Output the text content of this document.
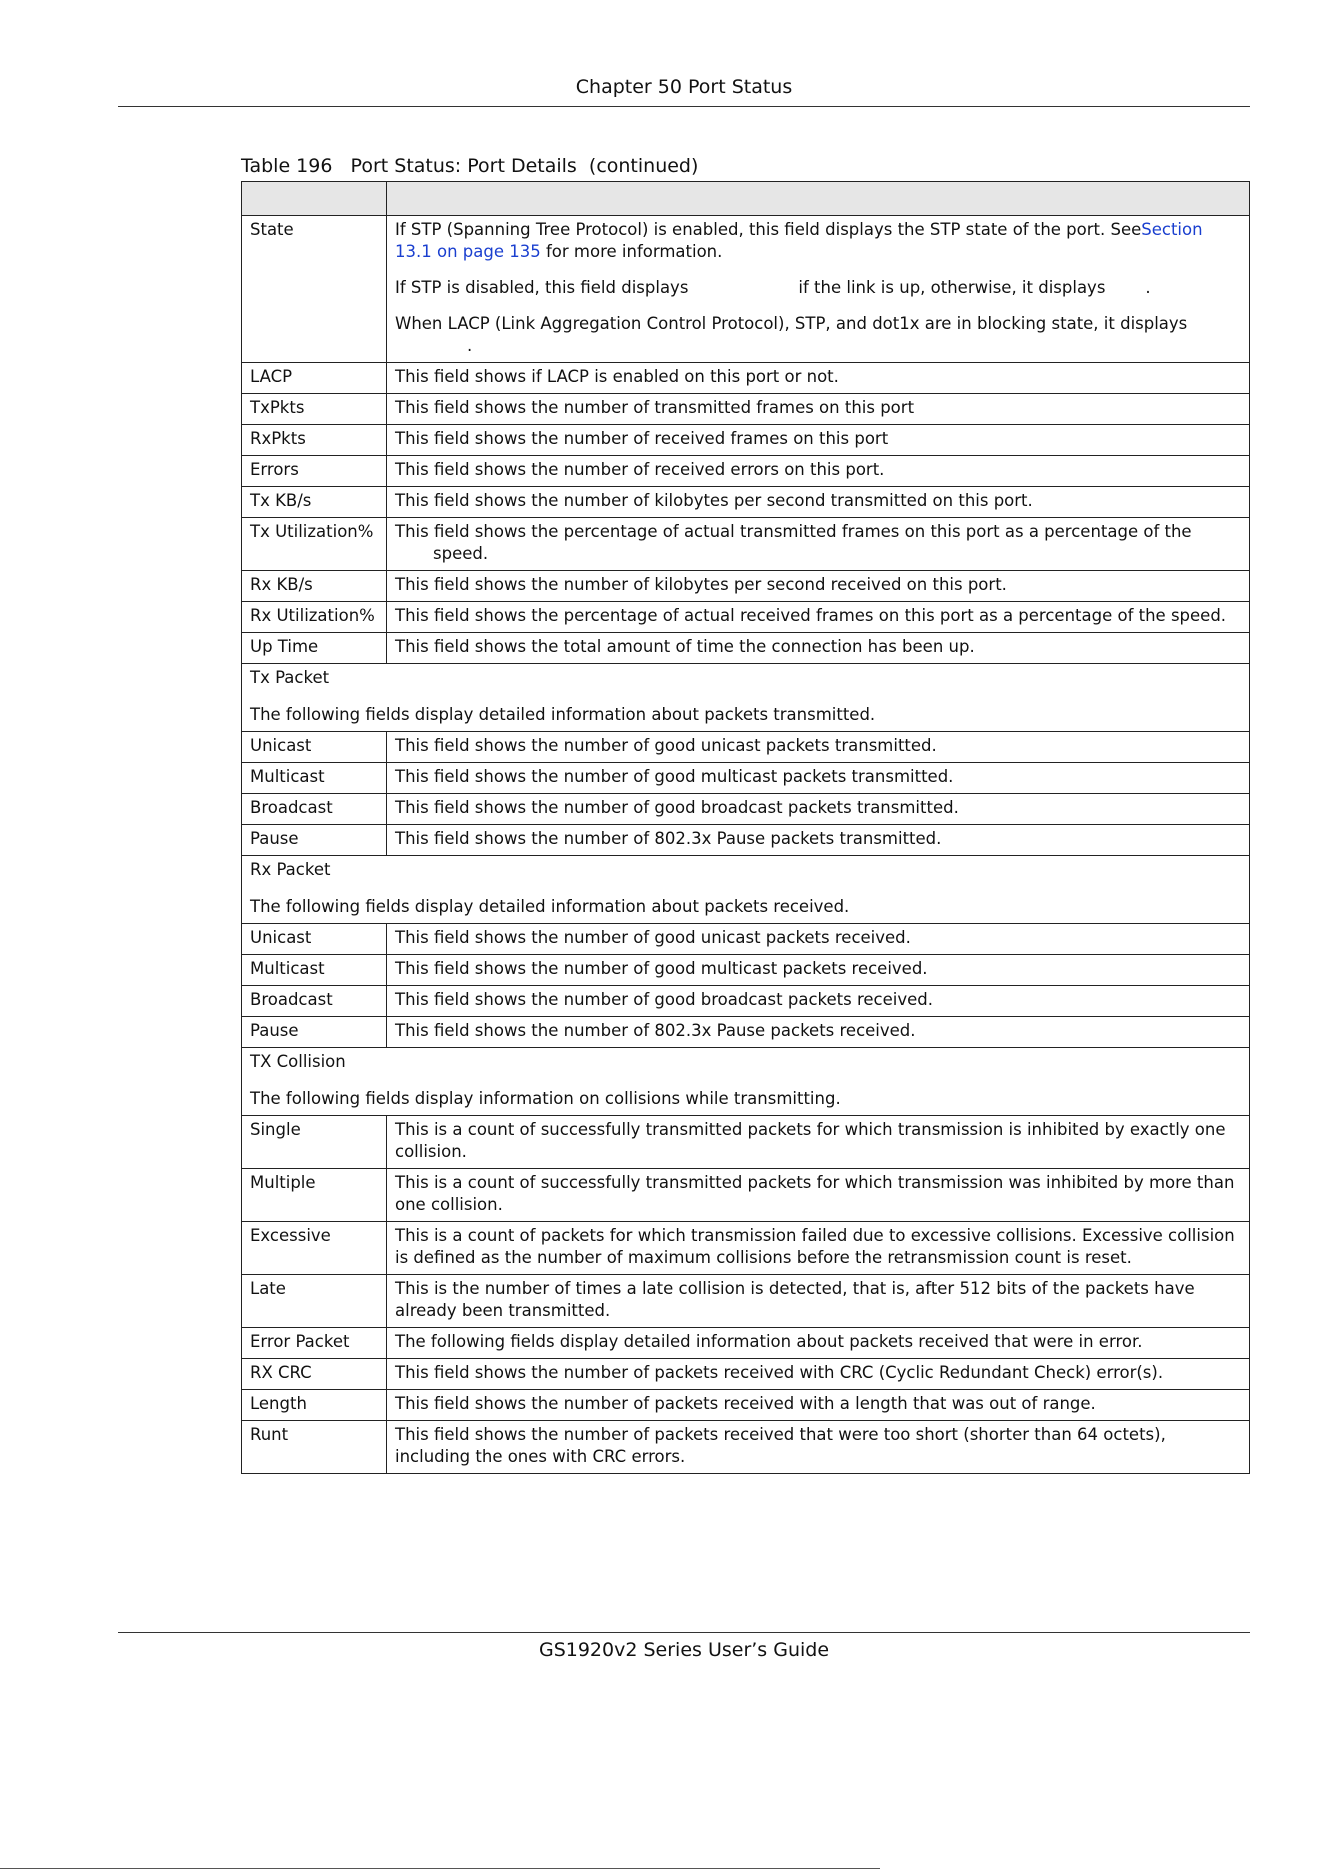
Chapter 50 Port Status
Table 196   Port Status: Port Details  (continued)

State	If STP (Spanning Tree Protocol) is enabled, this field displays the STP state of the port. SeeSection 13.1 on page 135 for more information.

If STP is disabled, this field displays if the link is up, otherwise, it displays .

When LACP (Link Aggregation Control Protocol), STP, and dot1x are in blocking state, it displays
.

LACP	This field shows if LACP is enabled on this port or not.
TxPkts	This field shows the number of transmitted frames on this port
RxPkts	This field shows the number of received frames on this port
Errors	This field shows the number of received errors on this port.
Tx KB/s	This field shows the number of kilobytes per second transmitted on this port.
Tx Utilization%	This field shows the percentage of actual transmitted frames on this port as a percentage of the
speed.
Rx KB/s	This field shows the number of kilobytes per second received on this port.
Rx Utilization%	This field shows the percentage of actual received frames on this port as a percentage of the speed.
Up Time	This field shows the total amount of time the connection has been up.

Tx Packet
The following fields display detailed information about packets transmitted.	
Unicast	This field shows the number of good unicast packets transmitted.
Multicast	This field shows the number of good multicast packets transmitted.
Broadcast	This field shows the number of good broadcast packets transmitted.
Pause	This field shows the number of 802.3x Pause packets transmitted.

Rx Packet
The following fields display detailed information about packets received.	
Unicast	This field shows the number of good unicast packets received.
Multicast	This field shows the number of good multicast packets received.
Broadcast	This field shows the number of good broadcast packets received.
Pause	This field shows the number of 802.3x Pause packets received.

TX Collision
The following fields display information on collisions while transmitting.	
Single	This is a count of successfully transmitted packets for which transmission is inhibited by exactly one collision.
Multiple	This is a count of successfully transmitted packets for which transmission was inhibited by more than one collision.
Excessive	This is a count of packets for which transmission failed due to excessive collisions. Excessive collision is defined as the number of maximum collisions before the retransmission count is reset.
Late	This is the number of times a late collision is detected, that is, after 512 bits of the packets have already been transmitted.
Error Packet	The following fields display detailed information about packets received that were in error.
RX CRC	This field shows the number of packets received with CRC (Cyclic Redundant Check) error(s).
Length	This field shows the number of packets received with a length that was out of range.
Runt	This field shows the number of packets received that were too short (shorter than 64 octets), including the ones with CRC errors.
GS1920v2 Series User’s Guide
